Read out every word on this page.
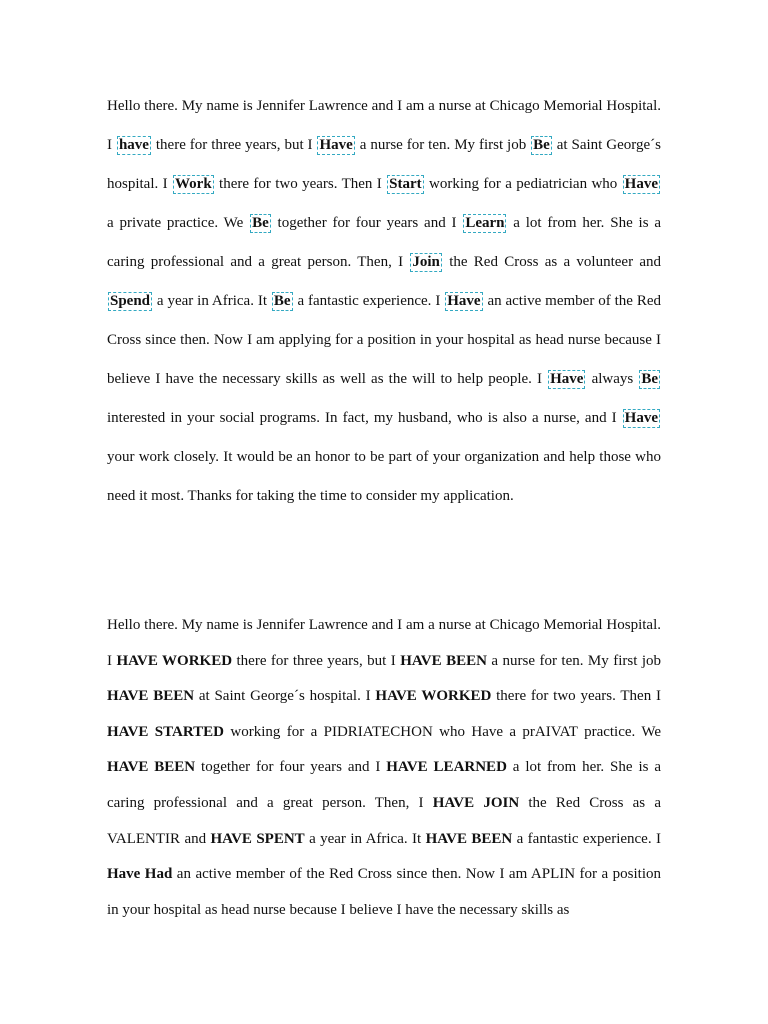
Hello there. My name is Jennifer Lawrence and I am a nurse at Chicago Memorial Hospital. I have there for three years, but I Have a nurse for ten. My first job Be at Saint George´s hospital. I Work there for two years. Then I Start working for a pediatrician who Have a private practice. We Be together for four years and I Learn a lot from her. She is a caring professional and a great person. Then, I Join the Red Cross as a volunteer and Spend a year in Africa. It Be a fantastic experience. I Have an active member of the Red Cross since then. Now I am applying for a position in your hospital as head nurse because I believe I have the necessary skills as well as the will to help people. I Have always Be interested in your social programs. In fact, my husband, who is also a nurse, and I Have your work closely. It would be an honor to be part of your organization and help those who need it most. Thanks for taking the time to consider my application.

Hello there. My name is Jennifer Lawrence and I am a nurse at Chicago Memorial Hospital. I HAVE WORKED there for three years, but I HAVE BEEN a nurse for ten. My first job HAVE BEEN at Saint George´s hospital. I HAVE WORKED there for two years. Then I HAVE STARTED working for a PIDRIATECHON who Have a prAIVAT practice. We HAVE BEEN together for four years and I HAVE LEARNED a lot from her. She is a caring professional and a great person. Then, I HAVE JOIN the Red Cross as a VALENTIR and HAVE SPENT a year in Africa. It HAVE BEEN a fantastic experience. I Have Had an active member of the Red Cross since then. Now I am APLIN for a position in your hospital as head nurse because I believe I have the necessary skills as
